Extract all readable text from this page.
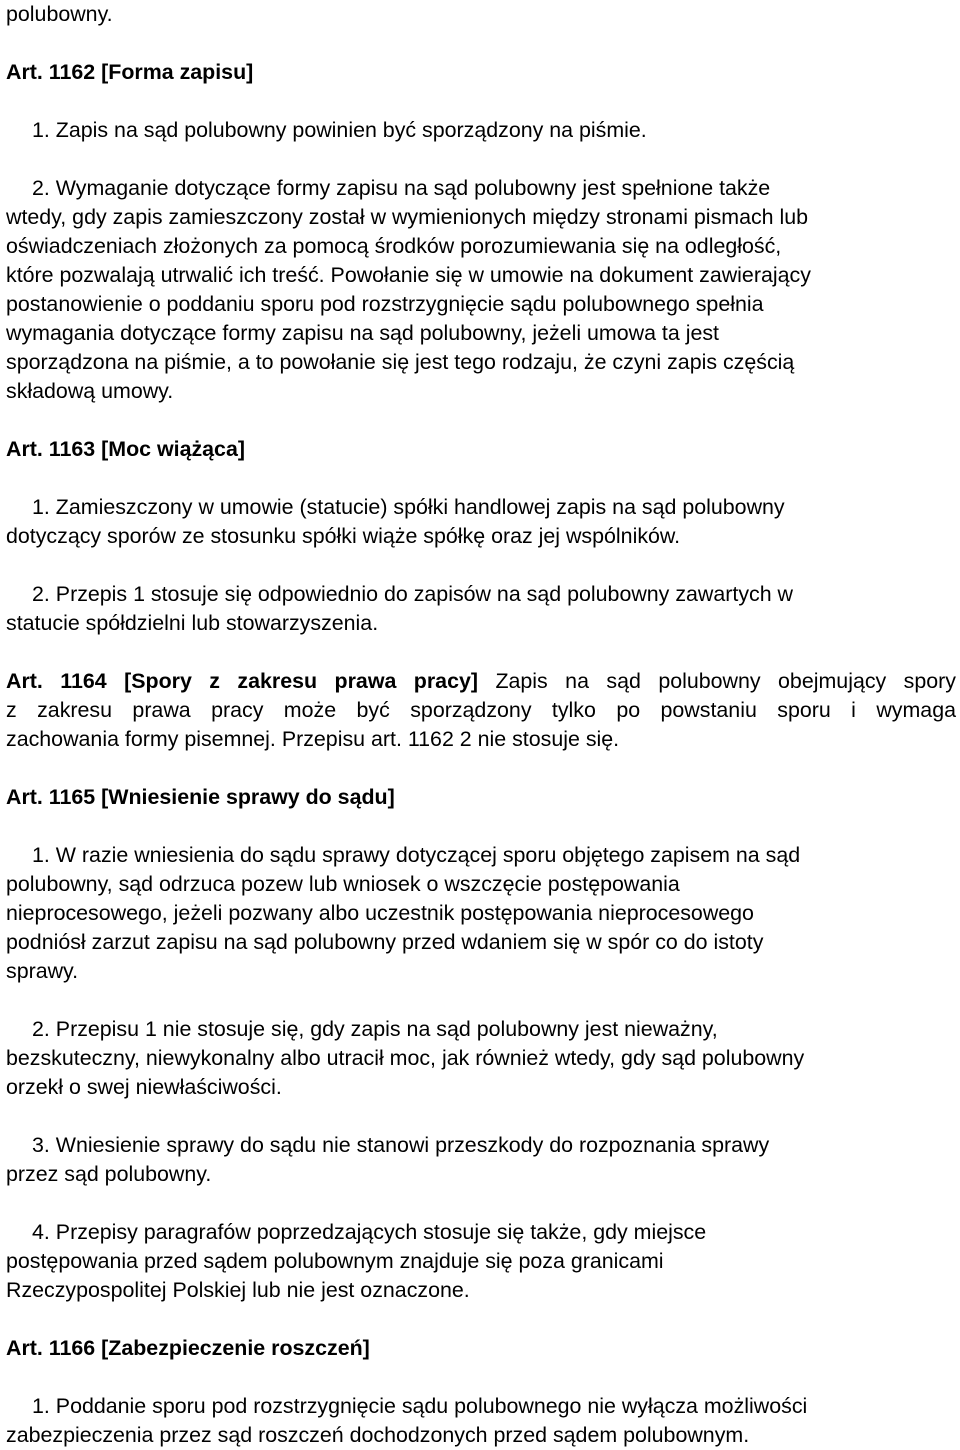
polubowny.
Art. 1162 [Forma zapisu]
1. Zapis na sąd polubowny powinien być sporządzony na piśmie.
2. Wymaganie dotyczące formy zapisu na sąd polubowny jest spełnione także
wtedy, gdy zapis zamieszczony został w wymienionych między stronami pismach lub
oświadczeniach złożonych za pomocą środków porozumiewania się na odległość,
które pozwalają utrwalić ich treść. Powołanie się w umowie na dokument zawierający
postanowienie o poddaniu sporu pod rozstrzygnięcie sądu polubownego spełnia
wymagania dotyczące formy zapisu na sąd polubowny, jeżeli umowa ta jest
sporządzona na piśmie, a to powołanie się jest tego rodzaju, że czyni zapis częścią
składową umowy.
Art. 1163 [Moc wiążąca]
1. Zamieszczony w umowie (statucie) spółki handlowej zapis na sąd polubowny
dotyczący sporów ze stosunku spółki wiąże spółkę oraz jej wspólników.
2. Przepis 1 stosuje się odpowiednio do zapisów na sąd polubowny zawartych w
statucie spółdzielni lub stowarzyszenia.
Art. 1164 [Spory z zakresu prawa pracy] Zapis na sąd polubowny obejmujący spory
z zakresu prawa pracy może być sporządzony tylko po powstaniu sporu i wymaga
zachowania formy pisemnej. Przepisu art. 1162 2 nie stosuje się.
Art. 1165 [Wniesienie sprawy do sądu]
1. W razie wniesienia do sądu sprawy dotyczącej sporu objętego zapisem na sąd
polubowny, sąd odrzuca pozew lub wniosek o wszczęcie postępowania
nieprocesowego, jeżeli pozwany albo uczestnik postępowania nieprocesowego
podniósł zarzut zapisu na sąd polubowny przed wdaniem się w spór co do istoty
sprawy.
2. Przepisu 1 nie stosuje się, gdy zapis na sąd polubowny jest nieważny,
bezskuteczny, niewykonalny albo utracił moc, jak również wtedy, gdy sąd polubowny
orzekł o swej niewłaściwości.
3. Wniesienie sprawy do sądu nie stanowi przeszkody do rozpoznania sprawy
przez sąd polubowny.
4. Przepisy paragrafów poprzedzających stosuje się także, gdy miejsce
postępowania przed sądem polubownym znajduje się poza granicami
Rzeczypospolitej Polskiej lub nie jest oznaczone.
Art. 1166 [Zabezpieczenie roszczeń]
1. Poddanie sporu pod rozstrzygnięcie sądu polubownego nie wyłącza możliwości
zabezpieczenia przez sąd roszczeń dochodzonych przed sądem polubownym.
